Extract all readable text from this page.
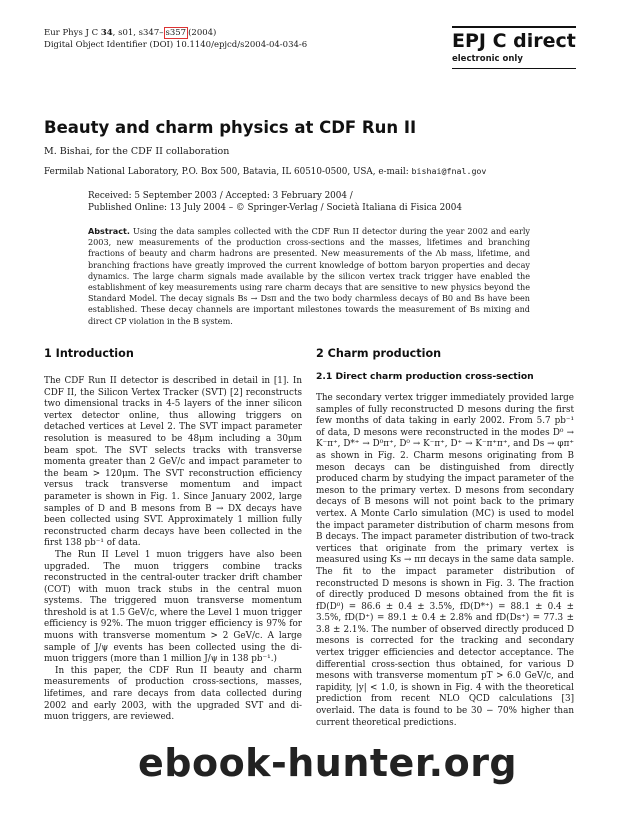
Eur Phys J C 34, s01, s347– s357 (2004)
Digital Object Identifier (DOI) 10.1140/epjcd/s2004-04-034-6	EPJ C direct
electronic only
Beauty and charm physics at CDF Run II
M. Bishai, for the CDF II collaboration
Fermilab National Laboratory, P.O. Box 500, Batavia, IL 60510-0500, USA, e-mail: bishai@fnal.gov
Received: 5 September 2003 / Accepted: 3 February 2004 /
Published Online: 13 July 2004 – © Springer-Verlag / Società Italiana di Fisica 2004
Abstract. Using the data samples collected with the CDF Run II detector during the year 2002 and early 2003, new measurements of the production cross-sections and the masses, lifetimes and branching fractions of beauty and charm hadrons are presented. New measurements of the Λb mass, lifetime, and branching fractions have greatly improved the current knowledge of bottom baryon properties and decay dynamics. The large charm signals made available by the silicon vertex track trigger have enabled the establishment of key measurements using rare charm decays that are sensitive to new physics beyond the Standard Model. The decay signals Bs → Dsπ and the two body charmless decays of B0 and Bs have been established. These decay channels are important milestones towards the measurement of Bs mixing and direct CP violation in the B system.
1 Introduction

The CDF Run II detector is described in detail in [1]. In CDF II, the Silicon Vertex Tracker (SVT) [2] reconstructs two dimensional tracks in 4-5 layers of the inner silicon vertex detector online, thus allowing triggers on detached vertices at Level 2. The SVT impact parameter resolution is measured to be 48μm including a 30μm beam spot. The SVT selects tracks with transverse momenta greater than 2 GeV/c and impact parameter to the beam > 120μm. The SVT reconstruction efficiency versus track transverse momentum and impact parameter is shown in Fig. 1. Since January 2002, large samples of D and B mesons from B → DX decays have been collected using SVT. Approximately 1 million fully reconstructed charm decays have been collected in the first 138 pb⁻¹ of data.

The Run II Level 1 muon triggers have also been upgraded. The muon triggers combine tracks reconstructed in the central-outer tracker drift chamber (COT) with muon track stubs in the central muon systems. The triggered muon transverse momentum threshold is at 1.5 GeV/c, where the Level 1 muon trigger efficiency is 92%. The muon trigger efficiency is 97% for muons with transverse momentum > 2 GeV/c. A large sample of J/ψ events has been collected using the di-muon triggers (more than 1 million J/ψ in 138 pb⁻¹.)

In this paper, the CDF Run II beauty and charm measurements of production cross-sections, masses, lifetimes, and rare decays from data collected during 2002 and early 2003, with the upgraded SVT and di-muon triggers, are reviewed.

2 Charm production
2.1 Direct charm production cross-section

The secondary vertex trigger immediately provided large samples of fully reconstructed D mesons during the first few months of data taking in early 2002. From 5.7 pb⁻¹ of data, D mesons were reconstructed in the modes D⁰ → K⁻π⁺, D*⁺ → D⁰π⁺, D⁰ → K⁻π⁺, D⁺ → K⁻π⁺π⁺, and Ds → φπ⁺ as shown in Fig. 2. Charm mesons originating from B meson decays can be distinguished from directly produced charm by studying the impact parameter of the meson to the primary vertex. D mesons from secondary decays of B mesons will not point back to the primary vertex. A Monte Carlo simulation (MC) is used to model the impact parameter distribution of charm mesons from B decays. The impact parameter distribution of two-track vertices that originate from the primary vertex is measured using Ks → ππ decays in the same data sample. The fit to the impact parameter distribution of reconstructed D mesons is shown in Fig. 3. The fraction of directly produced D mesons obtained from the fit is fD(D⁰) = 86.6 ± 0.4 ± 3.5%, fD(D*⁺) = 88.1 ± 0.4 ± 3.5%, fD(D⁺) = 89.1 ± 0.4 ± 2.8% and fD(Ds⁺) = 77.3 ± 3.8 ± 2.1%. The number of observed directly produced D mesons is corrected for the tracking and secondary vertex trigger efficiencies and detector acceptance. The differential cross-section thus obtained, for various D mesons with transverse momentum pT > 6.0 GeV/c, and rapidity, |y| < 1.0, is shown in Fig. 4 with the theoretical prediction from recent NLO QCD calculations [3] overlaid. The data is found to be 30 − 70% higher than current theoretical predictions.

ebook-hunter.org
